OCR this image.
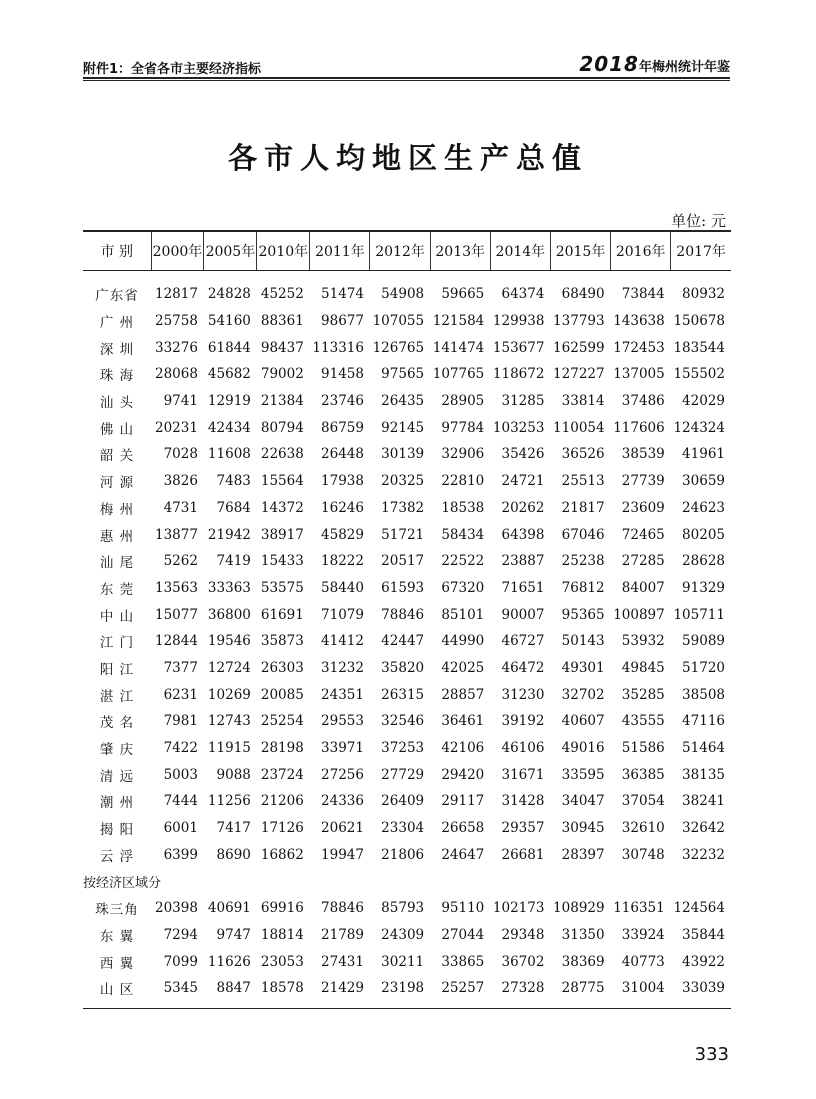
附件1：全省各市主要经济指标	2018年梅州统计年鉴
各市人均地区生产总值
单位: 元
市 别	2000年	2005年	2010年	2011年	2012年	2013年	2014年	2015年	2016年	2017年
广东省	12817	24828	45252	51474	54908	59665	64374	68490	73844	80932
广 州	25758	54160	88361	98677	107055	121584	129938	137793	143638	150678
深 圳	33276	61844	98437	113316	126765	141474	153677	162599	172453	183544
珠 海	28068	45682	79002	91458	97565	107765	118672	127227	137005	155502
汕 头	9741	12919	21384	23746	26435	28905	31285	33814	37486	42029
佛 山	20231	42434	80794	86759	92145	97784	103253	110054	117606	124324
韶 关	7028	11608	22638	26448	30139	32906	35426	36526	38539	41961
河 源	3826	7483	15564	17938	20325	22810	24721	25513	27739	30659
梅 州	4731	7684	14372	16246	17382	18538	20262	21817	23609	24623
惠 州	13877	21942	38917	45829	51721	58434	64398	67046	72465	80205
汕 尾	5262	7419	15433	18222	20517	22522	23887	25238	27285	28628
东 莞	13563	33363	53575	58440	61593	67320	71651	76812	84007	91329
中 山	15077	36800	61691	71079	78846	85101	90007	95365	100897	105711
江 门	12844	19546	35873	41412	42447	44990	46727	50143	53932	59089
阳 江	7377	12724	26303	31232	35820	42025	46472	49301	49845	51720
湛 江	6231	10269	20085	24351	26315	28857	31230	32702	35285	38508
茂 名	7981	12743	25254	29553	32546	36461	39192	40607	43555	47116
肇 庆	7422	11915	28198	33971	37253	42106	46106	49016	51586	51464
清 远	5003	9088	23724	27256	27729	29420	31671	33595	36385	38135
潮 州	7444	11256	21206	24336	26409	29117	31428	34047	37054	38241
揭 阳	6001	7417	17126	20621	23304	26658	29357	30945	32610	32642
云 浮	6399	8690	16862	19947	21806	24647	26681	28397	30748	32232
按经济区域分										
珠三角	20398	40691	69916	78846	85793	95110	102173	108929	116351	124564
东 翼	7294	9747	18814	21789	24309	27044	29348	31350	33924	35844
西 翼	7099	11626	23053	27431	30211	33865	36702	38369	40773	43922
山 区	5345	8847	18578	21429	23198	25257	27328	28775	31004	33039
333
